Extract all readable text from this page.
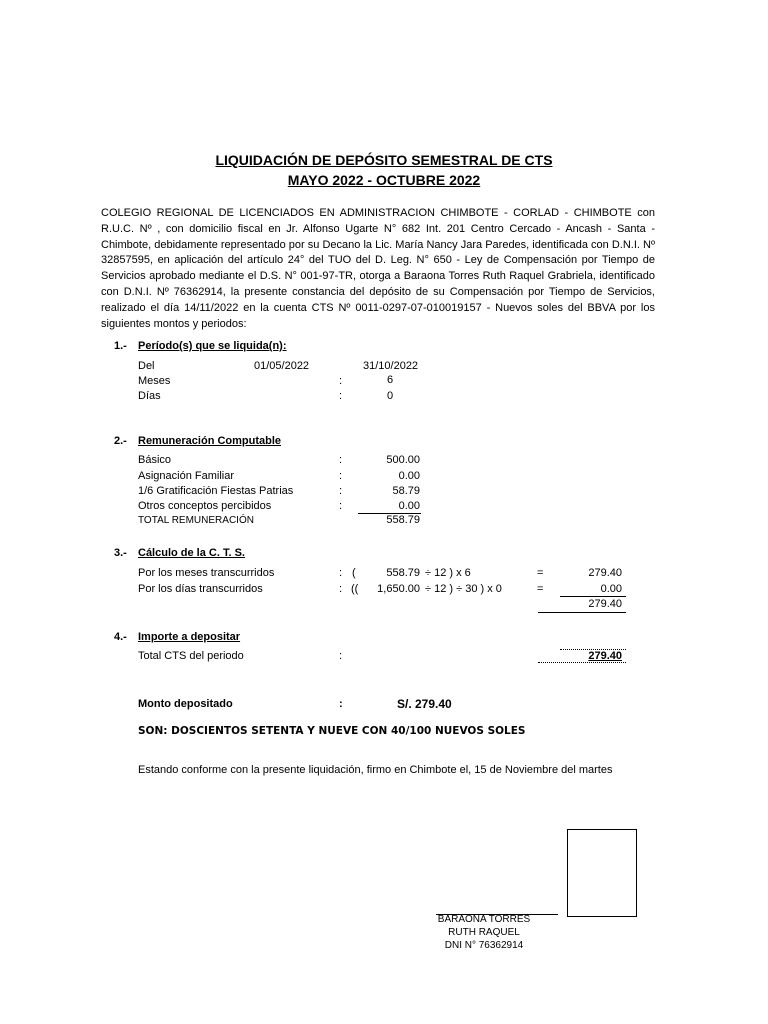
LIQUIDACIÓN DE DEPÓSITO SEMESTRAL DE CTS
MAYO 2022 - OCTUBRE 2022
COLEGIO REGIONAL DE LICENCIADOS EN ADMINISTRACION CHIMBOTE - CORLAD - CHIMBOTE con R.U.C. Nº , con domicilio fiscal en Jr. Alfonso Ugarte N° 682 Int. 201 Centro Cercado - Ancash - Santa - Chimbote, debidamente representado por su Decano la Lic. María Nancy Jara Paredes, identificada con D.N.I. Nº 32857595, en aplicación del artículo 24° del TUO del D. Leg. N° 650 - Ley de Compensación por Tiempo de Servicios aprobado mediante el D.S. N° 001-97-TR, otorga a Baraona Torres Ruth Raquel Grabriela, identificado con D.N.I. Nº 76362914, la presente constancia del depósito de su Compensación por Tiempo de Servicios, realizado el día 14/11/2022 en la cuenta CTS Nº 0011-0297-07-010019157 - Nuevos soles del BBVA por los siguientes montos y periodos:
1.- Período(s) que se liquida(n):
Del	01/05/2022	31/10/2022
Meses	:	6
Días	:	0
2.- Remuneración Computable
Básico	:	500.00
Asignación Familiar	:	0.00
1/6 Gratificación Fiestas Patrias	:	58.79
Otros conceptos percibidos	:	0.00
TOTAL REMUNERACIÓN	558.79
3.- Cálculo de la C. T. S.
Por los meses transcurridos	: (	558.79 ÷ 12 ) x 6	=	279.40
Por los días transcurridos	: ((	1,650.00 ÷ 12 ) ÷ 30 ) x 0	=	0.00
279.40
4.- Importe a depositar
Total CTS del periodo	:	279.40
Monto depositado	:	S/. 279.40
SON: DOSCIENTOS SETENTA Y NUEVE CON 40/100 NUEVOS SOLES
Estando conforme con la presente liquidación, firmo en Chimbote el, 15 de Noviembre del martes
BARAONA TORRES
RUTH RAQUEL
DNI N° 76362914
